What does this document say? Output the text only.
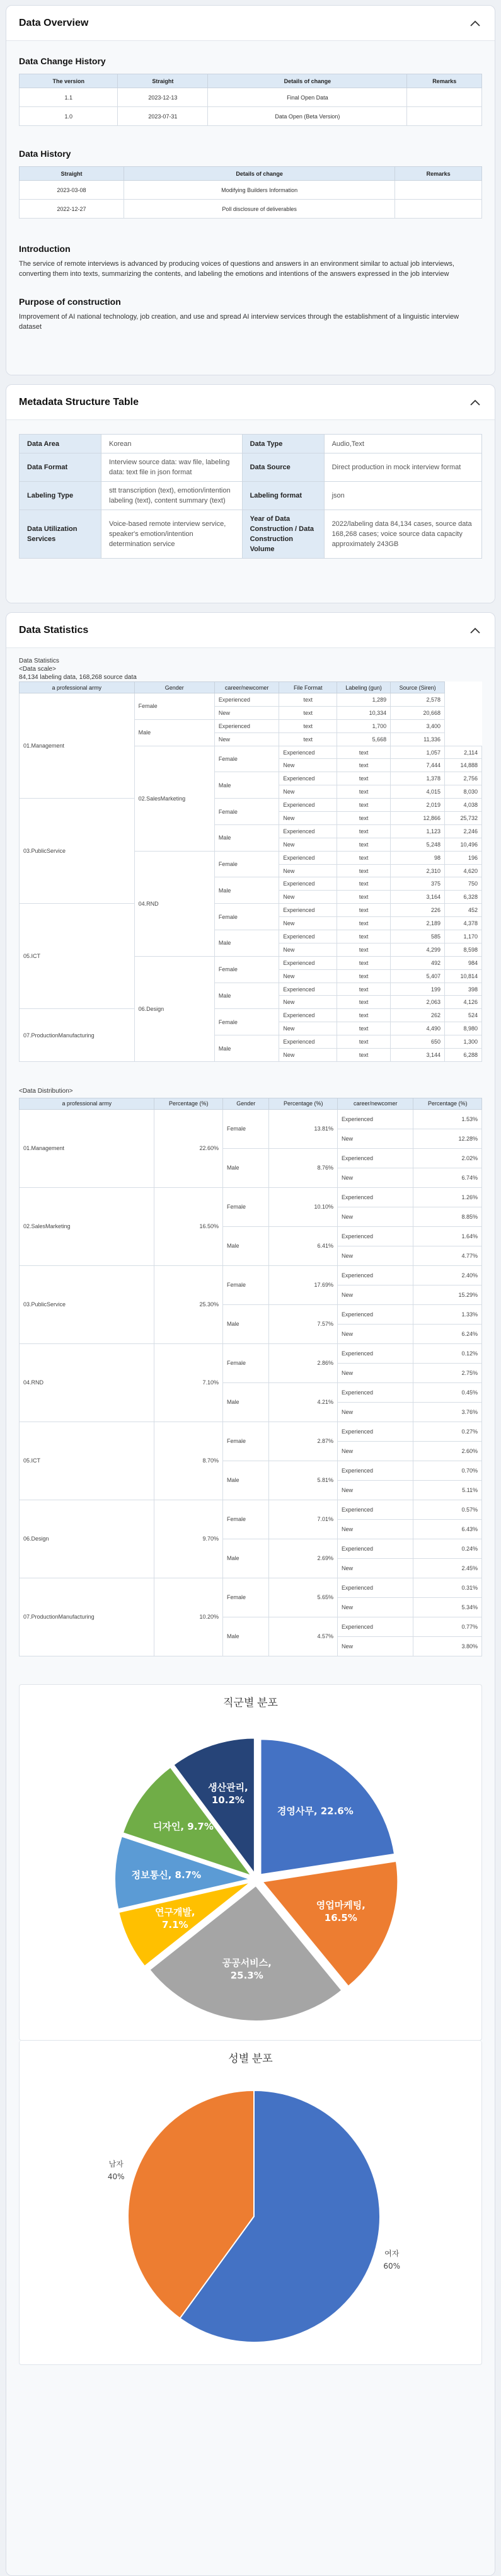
Data Overview
Data Change History
The version	Straight	Details of change	Remarks
1.1	2023-12-13	Final Open Data	
1.0	2023-07-31	Data Open (Beta Version)	
Data History
Straight	Details of change	Remarks
2023-03-08	Modifying Builders Information	
2022-12-27	Poll disclosure of deliverables	
Introduction
The service of remote interviews is advanced by producing voices of questions and answers in an environment similar to actual job interviews, converting them into texts, summarizing the contents, and labeling the emotions and intentions of the answers expressed in the job interview
Purpose of construction
Improvement of AI national technology, job creation, and use and spread AI interview services through the establishment of a linguistic interview dataset
Metadata Structure Table
Data Area	Korean	Data Type	Audio,Text
Data Format	Interview source data: wav file, labeling data: text file in json format	Data Source	Direct production in mock interview format
Labeling Type	stt transcription (text), emotion/intention labeling (text), content summary (text)	Labeling format	json
Data Utilization Services	Voice-based remote interview service, speaker's emotion/intention determination service	Year of Data Construction / Data Construction Volume	2022/labeling data 84,134 cases, source data 168,268 cases; voice source data capacity approximately 243GB
Data Statistics
Data Statistics
<Data scale>
84,134 labeling data, 168,268 source data
a professional army	Gender	career/newcomer	File Format	Labeling (gun)	Source (Siren)	
01.Management	Female	Experienced	text	1,289	2,578	
		New	text	10,334	20,668	
	Male	Experienced	text	1,700	3,400	
		New	text	5,668	11,336	
	02.SalesMarketing	Female	Experienced	text	1,057	2,114
			New	text	7,444	14,888
		Male	Experienced	text	1,378	2,756
			New	text	4,015	8,030
03.PublicService		Female	Experienced	text	2,019	4,038
			New	text	12,866	25,732
		Male	Experienced	text	1,123	2,246
			New	text	5,248	10,496
	04.RND	Female	Experienced	text	98	196
			New	text	2,310	4,620
		Male	Experienced	text	375	750
			New	text	3,164	6,328
05.ICT		Female	Experienced	text	226	452
			New	text	2,189	4,378
		Male	Experienced	text	585	1,170
			New	text	4,299	8,598
	06.Design	Female	Experienced	text	492	984
			New	text	5,407	10,814
		Male	Experienced	text	199	398
			New	text	2,063	4,126
07.ProductionManufacturing		Female	Experienced	text	262	524
			New	text	4,490	8,980
		Male	Experienced	text	650	1,300
			New	text	3,144	6,288
<Data Distribution>
a professional army	Percentage (%)	Gender	Percentage (%)	career/newcomer	Percentage (%)
01.Management	22.60%	Female	13.81%	Experienced	1.53%
				New	12.28%
		Male	8.76%	Experienced	2.02%
				New	6.74%
02.SalesMarketing	16.50%	Female	10.10%	Experienced	1.26%
				New	8.85%
		Male	6.41%	Experienced	1.64%
				New	4.77%
03.PublicService	25.30%	Female	17.69%	Experienced	2.40%
				New	15.29%
		Male	7.57%	Experienced	1.33%
				New	6.24%
04.RND	7.10%	Female	2.86%	Experienced	0.12%
				New	2.75%
		Male	4.21%	Experienced	0.45%
				New	3.76%
05.ICT	8.70%	Female	2.87%	Experienced	0.27%
				New	2.60%
		Male	5.81%	Experienced	0.70%
				New	5.11%
06.Design	9.70%	Female	7.01%	Experienced	0.57%
				New	6.43%
		Male	2.69%	Experienced	0.24%
				New	2.45%
07.ProductionManufacturing	10.20%	Female	5.65%	Experienced	0.31%
				New	5.34%
		Male	4.57%	Experienced	0.77%
				New	3.80%
직군별 분포
경영사무, 22.6%
영업마케팅, 16.5%
공공서비스, 25.3%
연구개발, 7.1%
정보통신, 8.7%
디자인, 9.7%
생산관리, 10.2%
성별 분포
여자 60%
남자 40%
